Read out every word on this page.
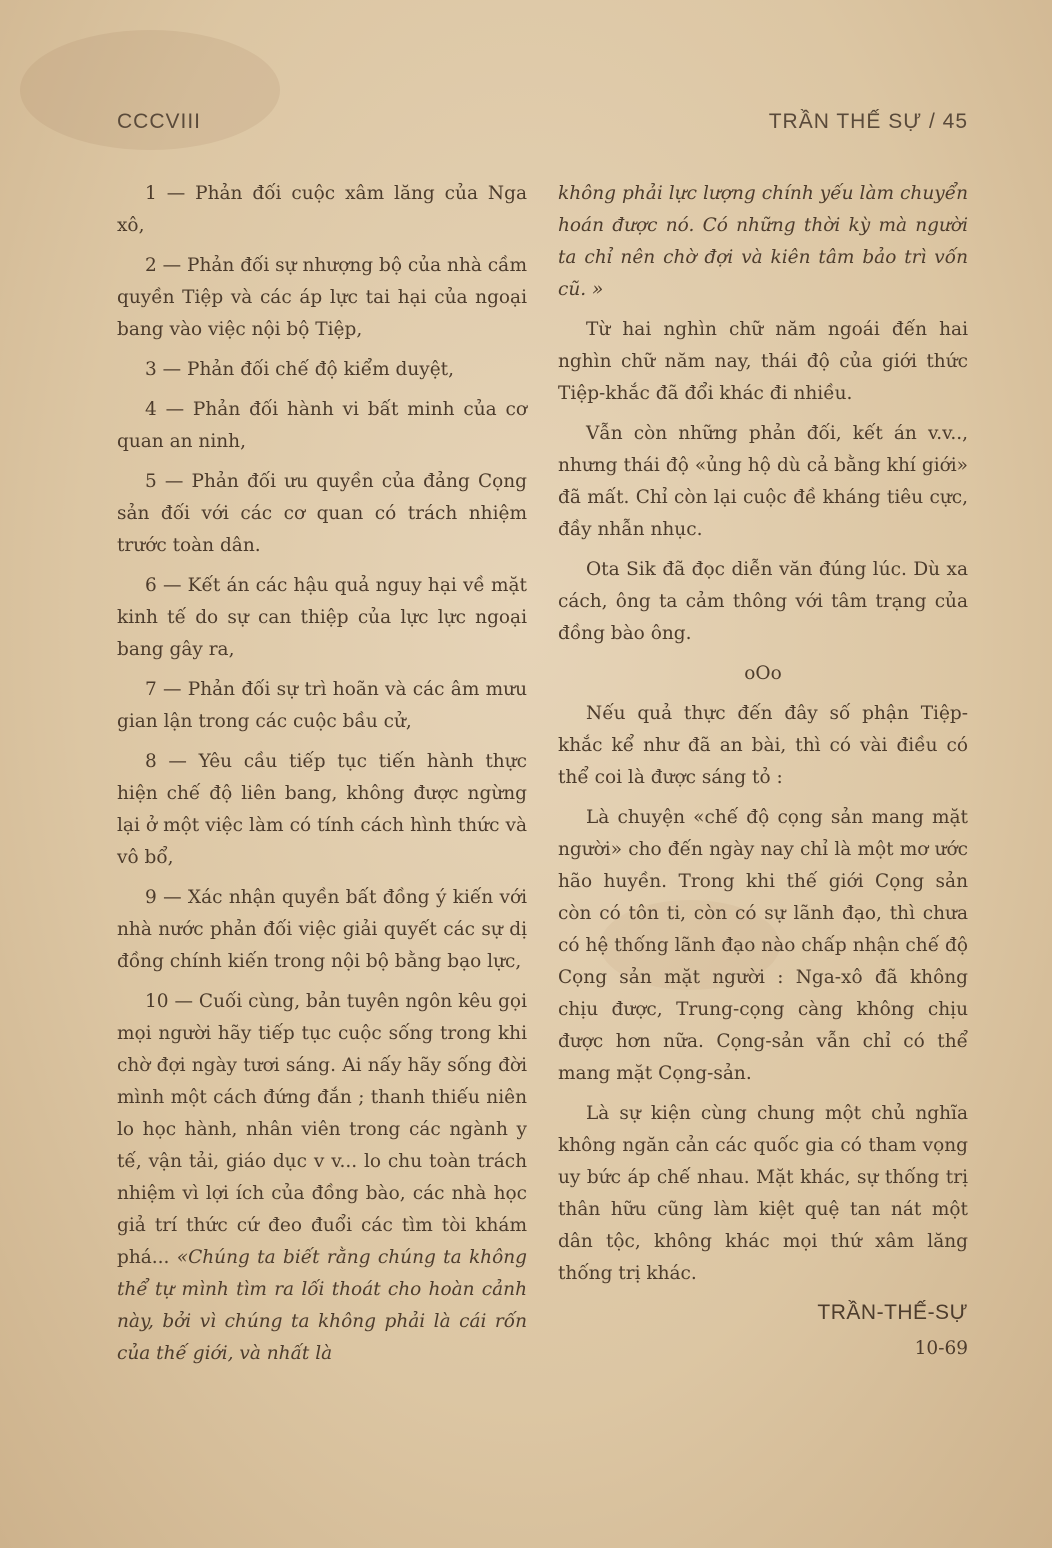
CCCVIII	TRẦN THẾ SỰ / 45

1 — Phản đối cuộc xâm lăng của Nga xô,

2 — Phản đối sự nhượng bộ của nhà cầm quyền Tiệp và các áp lực tai hại của ngoại bang vào việc nội bộ Tiệp,

3 — Phản đối chế độ kiểm duyệt,

4 — Phản đối hành vi bất minh của cơ quan an ninh,

5 — Phản đối ưu quyền của đảng Cọng sản đối với các cơ quan có trách nhiệm trước toàn dân.

6 — Kết án các hậu quả nguy hại về mặt kinh tế do sự can thiệp của lực lực ngoại bang gây ra,

7 — Phản đối sự trì hoãn và các âm mưu gian lận trong các cuộc bầu cử,

8 — Yêu cầu tiếp tục tiến hành thực hiện chế độ liên bang, không được ngừng lại ở một việc làm có tính cách hình thức và vô bổ,

9 — Xác nhận quyền bất đồng ý kiến với nhà nước phản đối việc giải quyết các sự dị đồng chính kiến trong nội bộ bằng bạo lực,

10 — Cuối cùng, bản tuyên ngôn kêu gọi mọi người hãy tiếp tục cuộc sống trong khi chờ đợi ngày tươi sáng. Ai nấy hãy sống đời mình một cách đứng đắn ; thanh thiếu niên lo học hành, nhân viên trong các ngành y tế, vận tải, giáo dục v v... lo chu toàn trách nhiệm vì lợi ích của đồng bào, các nhà học giả trí thức cứ đeo đuổi các tìm tòi khám phá... «Chúng ta biết rằng chúng ta không thể tự mình tìm ra lối thoát cho hoàn cảnh này, bởi vì chúng ta không phải là cái rốn của thế giới, và nhất là

không phải lực lượng chính yếu làm chuyển hoán được nó. Có những thời kỳ mà người ta chỉ nên chờ đợi và kiên tâm bảo trì vốn cũ. »

Từ hai nghìn chữ năm ngoái đến hai nghìn chữ năm nay, thái độ của giới thức Tiệp-khắc đã đổi khác đi nhiều.

Vẫn còn những phản đối, kết án v.v.., nhưng thái độ «ủng hộ dù cả bằng khí giới» đã mất. Chỉ còn lại cuộc đề kháng tiêu cực, đầy nhẫn nhục.

Ota Sik đã đọc diễn văn đúng lúc. Dù xa cách, ông ta cảm thông với tâm trạng của đồng bào ông.

oOo

Nếu quả thực đến đây số phận Tiệp-khắc kể như đã an bài, thì có vài điều có thể coi là được sáng tỏ :

Là chuyện «chế độ cọng sản mang mặt người» cho đến ngày nay chỉ là một mơ ước hão huyền. Trong khi thế giới Cọng sản còn có tôn ti, còn có sự lãnh đạo, thì chưa có hệ thống lãnh đạo nào chấp nhận chế độ Cọng sản mặt người : Nga-xô đã không chịu được, Trung-cọng càng không chịu được hơn nữa. Cọng-sản vẫn chỉ có thể mang mặt Cọng-sản.

Là sự kiện cùng chung một chủ nghĩa không ngăn cản các quốc gia có tham vọng uy bức áp chế nhau. Mặt khác, sự thống trị thân hữu cũng làm kiệt quệ tan nát một dân tộc, không khác mọi thứ xâm lăng thống trị khác.

TRẦN-THẾ-SỰ

10-69
